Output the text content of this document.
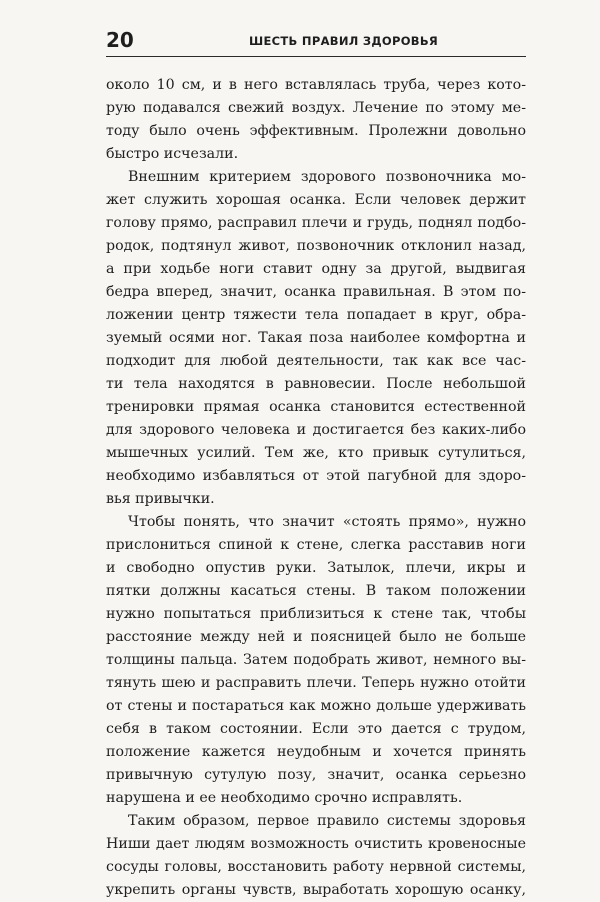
20	ШЕСТЬ ПРАВИЛ ЗДОРОВЬЯ
около 10 см, и в него вставлялась труба, через кото-
рую подавался свежий воздух. Лечение по этому ме-
тоду было очень эффективным. Пролежни довольно
быстро исчезали.
Внешним критерием здорового позвоночника мо-
жет служить хорошая осанка. Если человек держит
голову прямо, расправил плечи и грудь, поднял подбо-
родок, подтянул живот, позвоночник отклонил назад,
а при ходьбе ноги ставит одну за другой, выдвигая
бедра вперед, значит, осанка правильная. В этом по-
ложении центр тяжести тела попадает в круг, обра-
зуемый осями ног. Такая поза наиболее комфортна и
подходит для любой деятельности, так как все час-
ти тела находятся в равновесии. После небольшой
тренировки прямая осанка становится естественной
для здорового человека и достигается без каких-либо
мышечных усилий. Тем же, кто привык сутулиться,
необходимо избавляться от этой пагубной для здоро-
вья привычки.
Чтобы понять, что значит «стоять прямо», нужно
прислониться спиной к стене, слегка расставив ноги
и свободно опустив руки. Затылок, плечи, икры и
пятки должны касаться стены. В таком положении
нужно попытаться приблизиться к стене так, чтобы
расстояние между ней и поясницей было не больше
толщины пальца. Затем подобрать живот, немного вы-
тянуть шею и расправить плечи. Теперь нужно отойти
от стены и постараться как можно дольше удерживать
себя в таком состоянии. Если это дается с трудом,
положение кажется неудобным и хочется принять
привычную сутулую позу, значит, осанка серьезно
нарушена и ее необходимо срочно исправлять.
Таким образом, первое правило системы здоровья
Ниши дает людям возможность очистить кровеносные
сосуды головы, восстановить работу нервной системы,
укрепить органы чувств, выработать хорошую осанку,
